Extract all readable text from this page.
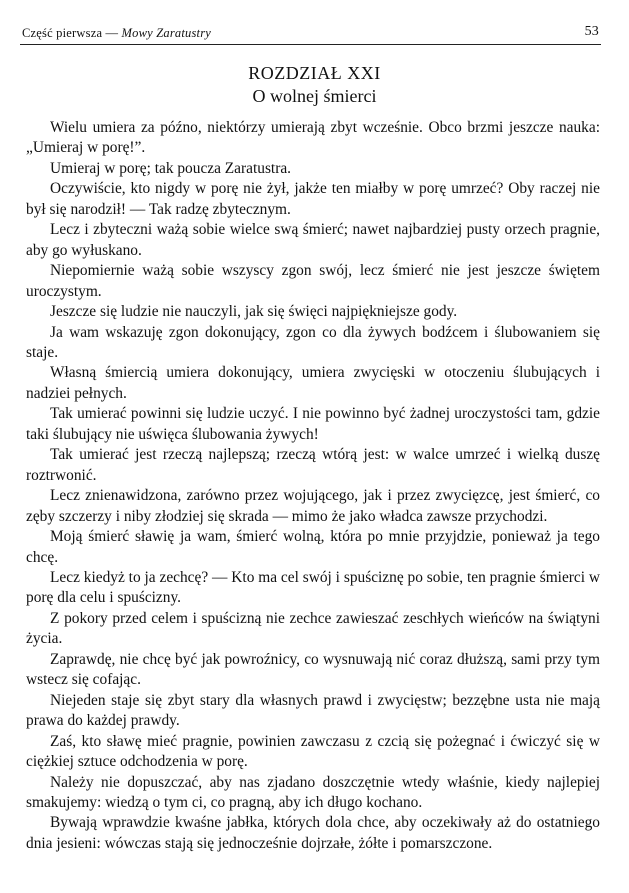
Część pierwsza — Mowy Zaratustry	53
ROZDZIAŁ XXI
O wolnej śmierci

Wielu umiera za późno, niektórzy umierają zbyt wcześnie. Obco brzmi jeszcze nauka: „Umieraj w porę!”.

Umieraj w porę; tak poucza Zaratustra.

Oczywiście, kto nigdy w porę nie żył, jakże ten miałby w porę umrzeć? Oby raczej nie był się narodził! — Tak radzę zbytecznym.

Lecz i zbyteczni ważą sobie wielce swą śmierć; nawet najbardziej pusty orzech pragnie, aby go wyłuskano.

Niepomiernie ważą sobie wszyscy zgon swój, lecz śmierć nie jest jeszcze świętem uroczystym.

Jeszcze się ludzie nie nauczyli, jak się święci najpiękniejsze gody.

Ja wam wskazuję zgon dokonujący, zgon co dla żywych bodźcem i ślubowaniem się staje.

Własną śmiercią umiera dokonujący, umiera zwycięski w otoczeniu ślubujących i nadziei pełnych.

Tak umierać powinni się ludzie uczyć. I nie powinno być żadnej uroczystości tam, gdzie taki ślubujący nie uświęca ślubowania żywych!

Tak umierać jest rzeczą najlepszą; rzeczą wtórą jest: w walce umrzeć i wielką duszę roztrwonić.

Lecz znienawidzona, zarówno przez wojującego, jak i przez zwycięzcę, jest śmierć, co zęby szczerzy i niby złodziej się skrada — mimo że jako władca zawsze przychodzi.

Moją śmierć sławię ja wam, śmierć wolną, która po mnie przyjdzie, ponieważ ja tego chcę.

Lecz kiedyż to ja zechcę? — Kto ma cel swój i spuściznę po sobie, ten pragnie śmierci w porę dla celu i spuścizny.

Z pokory przed celem i spuścizną nie zechce zawieszać zeschłych wieńców na świątyni życia.

Zaprawdę, nie chcę być jak powroźnicy, co wysnuwają nić coraz dłuższą, sami przy tym wstecz się cofając.

Niejeden staje się zbyt stary dla własnych prawd i zwycięstw; bezzębne usta nie mają prawa do każdej prawdy.

Zaś, kto sławę mieć pragnie, powinien zawczasu z czcią się pożegnać i ćwiczyć się w ciężkiej sztuce odchodzenia w porę.

Należy nie dopuszczać, aby nas zjadano doszczętnie wtedy właśnie, kiedy najlepiej smakujemy: wiedzą o tym ci, co pragną, aby ich długo kochano.

Bywają wprawdzie kwaśne jabłka, których dola chce, aby oczekiwały aż do ostatniego dnia jesieni: wówczas stają się jednocześnie dojrzałe, żółte i pomarszczone.
